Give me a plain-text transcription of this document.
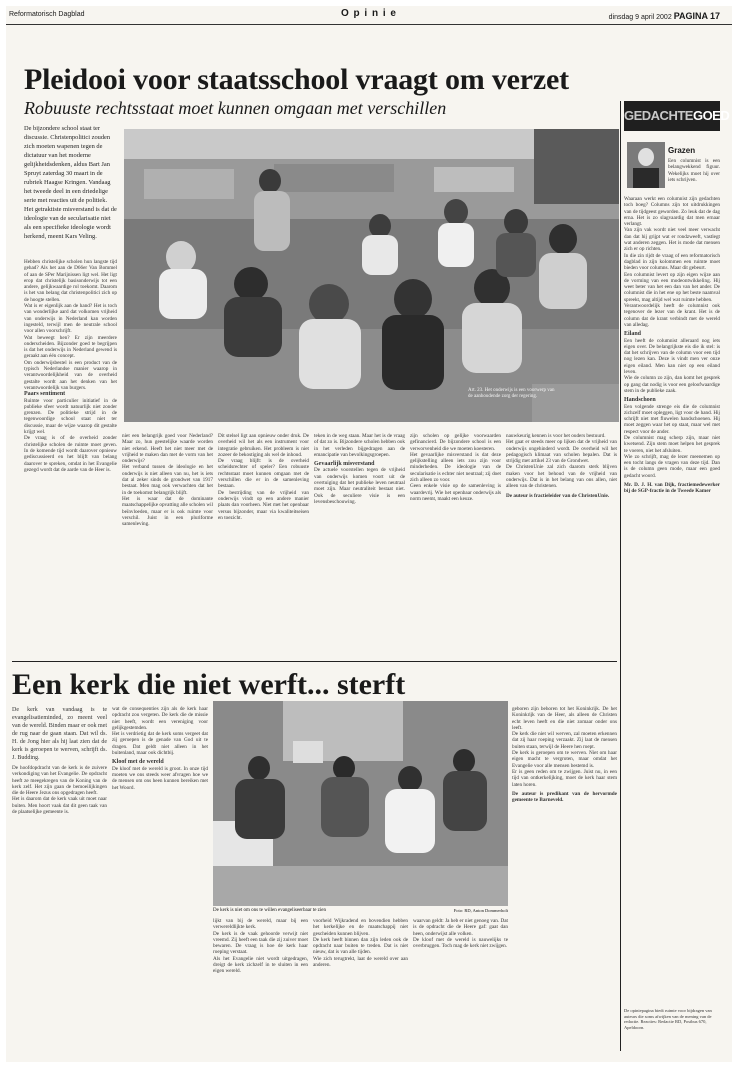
Reformatorisch Dagblad	O p i n i e	dinsdag 9 april 2002 PAGINA 17
Pleidooi voor staatsschool vraagt om verzet
Robuuste rechtsstaat moet kunnen omgaan met verschillen
De bijzondere school staat ter discussie. Christenpolitici zouden zich moeten wapenen tegen de dictatuur van het moderne gelijkheidsdenken, aldus Bart Jan Spruyt zaterdag 30 maart in de rubriek Haagse Kringen. Vandaag het tweede deel in een driedelige serie met reacties uit de politiek. Het getraktiste misverstand is dat de ideologie van de secularisatie niet als een specifieke ideologie wordt herkend, meent Kars Veling.
Art. 23. Het onderwijs is een voorwerp van de aanhoudende zorg der regering.
Hebben christelijke scholen hun langste tijd gehad? Als het aan de D66er Van Bommel of aan de SPer Marijnissen ligt wel. Het ligt erop dat christelijk basisonderwijs tot een andere, gelijkwaardige rol toekomt. Daarom is het van belang dat christenpolitici zich op de hoogte stellen.
Wat is er eigenlijk aan de hand? Het is toch van wonderlijke aard dat volkomen vrijheid van onderwijs in Nederland kan worden ingesteld, terwijl men de neutrale school voor allen voorschrijft.
Wat beweegt hen? Er zijn meerdere onderscheiden. Bijzonder goed te begrijpen is dat het onderwijs in Nederland gewend is geraakt aan één concept.
Om onderwijsbestel is een product van de typisch Nederlandse manier waarop in verantwoordelijkheid van de overheid gestalte wordt aan het denken van het verantwoordelijk van burgers.
Paars sentiment
Ruimte voor particulier initiatief in de publieke sfeer wordt natuurlijk niet zonder grenzen. De politieke strijd in de tegenwoordige school staat niet ter discussie, maar de wijze waarop dit gestalte krijgt wel.
De vraag is of de overheid zonder christelijke scholen de ruimte moet geven. In de komende tijd wordt daarover opnieuw gediscussieerd en het blijft van belang daarover te spreken, omdat in het Evangelie gezegd wordt dat de aarde van de Heer is.
niet een belangrijk goed voor Nederland? Maar zo, hun geestelijke waarde worden niet erkend. Heeft het niet meer met de vrijheid te maken dan met de vorm van het onderwijs?
Het verband tussen de ideologie en het onderwijs is niet alleen van nu, het is iets dat al zeker sinds de grondwet van 1917 bestaat. Men mag ook verwachten dat het in de toekomst belangrijk blijft.
Het is waar dat de dominante maatschappelijke opvatting alle scholen wil beïnvloeden, maar er is ook ruimte voor verschil. Juist in een pluriforme samenleving.
Dit stelsel ligt aan opnieuw onder druk. De overheid wil het als een instrument voor integratie gebruiken. Het probleem is niet zozeer de bekostiging als wel de inhoud.
De vraag blijft: is de overheid scheidsrechter of speler? Een robuuste rechtsstaat moet kunnen omgaan met de verschillen die er in de samenleving bestaan.
De bestrijding van de vrijheid van onderwijs vindt op een andere manier plaats dan voorheen. Niet met het openbaar versus bijzonder, maar via kwaliteitseisen en toezicht.
teken in de weg staan. Maar het is de vraag of dat zo is. Bijzondere scholen hebben ook in het verleden bijgedragen aan de emancipatie van bevolkingsgroepen.
Gevaarlijk misverstand
De actuele voorstellen tegen de vrijheid van onderwijs komen voort uit de overtuiging dat het publieke leven neutraal moet zijn. Maar neutraliteit bestaat niet. Ook de seculiere visie is een levensbeschouwing.
zijn scholen op gelijke voorwaarden gefinancierd. De bijzondere school is een verworvenheid die we moeten koesteren.
Het gevaarlijke misverstand is dat deze gelijkstelling alleen iets zou zijn voor minderheden. De ideologie van de secularisatie is echter niet neutraal; zij doet zich alleen zo voor.
Geen enkele visie op de samenleving is waardevrij. Wie het openbaar onderwijs als norm neemt, maakt een keuze.
nauwkeurig kennen is voor het ouders bestuurd.
Het gaat er steeds meer op lijken dat de vrijheid van onderwijs ongehinderd wordt. De overheid wil het pedagogisch klimaat van scholen bepalen. Dat is strijdig met artikel 23 van de Grondwet.
De ChristenUnie zal zich daarom sterk blijven maken voor het behoud van de vrijheid van onderwijs. Dat is in het belang van ons allen, niet alleen van de christenen.
De auteur is fractieleider van de ChristenUnie.
Een kerk die niet werft... sterft
De kerk van vandaag is te evangelisatieminded, zo meent veel van de wereld. Binden maar er ook met de rug naar de gaan staan. Dat wil ds. H. de Jong hier als hij laat zien dat de kerk is geroepen te werven, schrijft ds. J. Budding.
De hoofdopdracht van de kerk is de zuivere verkondiging van het Evangelie. De opdracht heeft ze meegekregen van de Koning van de kerk zelf. Het zijn gaan de bemoeilijkingen die de Heere Jezus ons opgedragen heeft.
Het is daarom dat de kerk vaak uit moet naar buiten. Men hoort vaak dat dit geen taak van de plaatselijke gemeente is.
wat de consequenties zijn als de kerk haar opdracht zou vergeten. De kerk die de missie niet heeft, wordt een vereniging voor gelijkgestemden.
Het is verdrietig dat de kerk soms vergeet dat zij geroepen is de genade van God uit te dragen. Dat geldt niet alleen in het buitenland, maar ook dichtbij.
Kloof met de wereld
De kloof met de wereld is groot. In onze tijd moeten we ons steeds weer afvragen hoe we de mensen om ons heen kunnen bereiken met het Woord.
De kerk is niet om ons te willen evangeliseerbaar te zien	Foto: RD, Anton Dommerholt
lijkt van bij de wereld, maar bij een verwereldlijkte kerk.
De kerk is de vaak gehoorde verwijt niet vreemd. Zij heeft een taak die zij zuiver moet bewaren. De vraag is hoe de kerk haar roeping verstaat.
Als het Evangelie niet wordt uitgedragen, dreigt de kerk zichzelf in te sluiten in een eigen wereld.
voorheid Wijkradend en bovendien hebben het kerkelijke en de maatschappij niet gescheiden kunnen blijven.
De kerk heeft binnen dan zijn leden ook de opdracht naar buiten te treden. Dat is niet nieuw, dat is van alle tijden.
Wie zich terugtrekt, laat de wereld over aan anderen.
waarvan geldt: Ja heb er niet genoeg van. Dat is de opdracht die de Heere gaf: gaat dan heen, onderwijst alle volken.
De kloof met de wereld is nauwelijks te overbruggen. Toch mag de kerk niet zwijgen.
geboren zijn behoren tot het Koninkrijk. De het Koninkrijk van de Heer, als alleen de Christen echt leven heeft en die niet zomaar onder ons leeft.
De kerk die niet wil werven, zal moeten erkennen dat zij haar roeping verzaakt. Zij laat de mensen buiten staan, terwijl de Heere hen roept.
De kerk is geroepen om te werven. Niet om haar eigen macht te vergroten, maar omdat het Evangelie voor alle mensen bestemd is.
Er is geen reden om te zwijgen. Juist nu, in een tijd van ontkerkelijking, moet de kerk haar stem laten horen.
De auteur is predikant van de hervormde gemeente te Barneveld.
GEDACHTEGOED
Grazen
Een columnist is een belangwekkend figuur. Wekelijks moet hij over iets schrijven.
Waaraan werkt een columnist zijn gedachten toch boeg? Columns zijn tot uitdrukkingen van de tijdgeest geworden. Zo leuk dat de dag erna. Het is zo slagvaardig dat men ernaar verlangt.
Van zijn vak wordt niet veel meer verwacht dan dat hij grijpt wat er rondzweeft, vastlegt wat anderen zeggen. Het is mode dat mensen zich er op richten.
In die zin rijdt de vraag of een reformatorisch dagblad in zijn kolommen een ruimte moet bieden voor columns. Maar dit gebeurt.
Een columnist levert op zijn eigen wijze aan de vorming van een modeontwikkeling. Hij weet beter van het een dan van het ander. De columnist die in het ene op het beste naamval spreekt, mag altijd wel wat ruimte hebben.
Verantwoordelijk heeft de columnist ook tegenover de lezer van de krant. Het is de column dat de krant verbindt met de wereld van alledag.
Eiland
Een heeft de columnist alleraard nog iets eigen over. De belangrijkste eis die ik stel: is dat het schrijven van de column voor een tijd nog lezen kan. Deze is vindt men ver onze eigen eiland. Men kan niet op een eiland leven.
Wie de column zo zijn, dan komt het gesprek op gang dat nodig is voor een geloofwaardige stem in de publieke zaak.
Handschoen
Een volgende strenge eis die de columnist zichzelf moet opleggen, ligt voor de hand. Hij schrijft niet met fluwelen handschoenen. Hij moet zeggen waar het op staat, maar wel met respect voor de ander.
De columnist mag scherp zijn, maar niet kwetsend. Zijn stem moet helpen het gesprek te voeren, niet het afsluiten.
Wie zo schrijft, mag de lezer meenemen op een tocht langs de vragen van deze tijd. Dan is de column geen mode, maar een goed gedacht woord.
Mr. D. J. H. van Dijk, fractiemedewerker bij de SGP-fractie in de Tweede Kamer
De opiniepagina biedt ruimte voor bijdragen van auteurs die soms afwijken van de mening van de redactie. Reacties: Redactie RD, Postbus 670, Apeldoorn.
